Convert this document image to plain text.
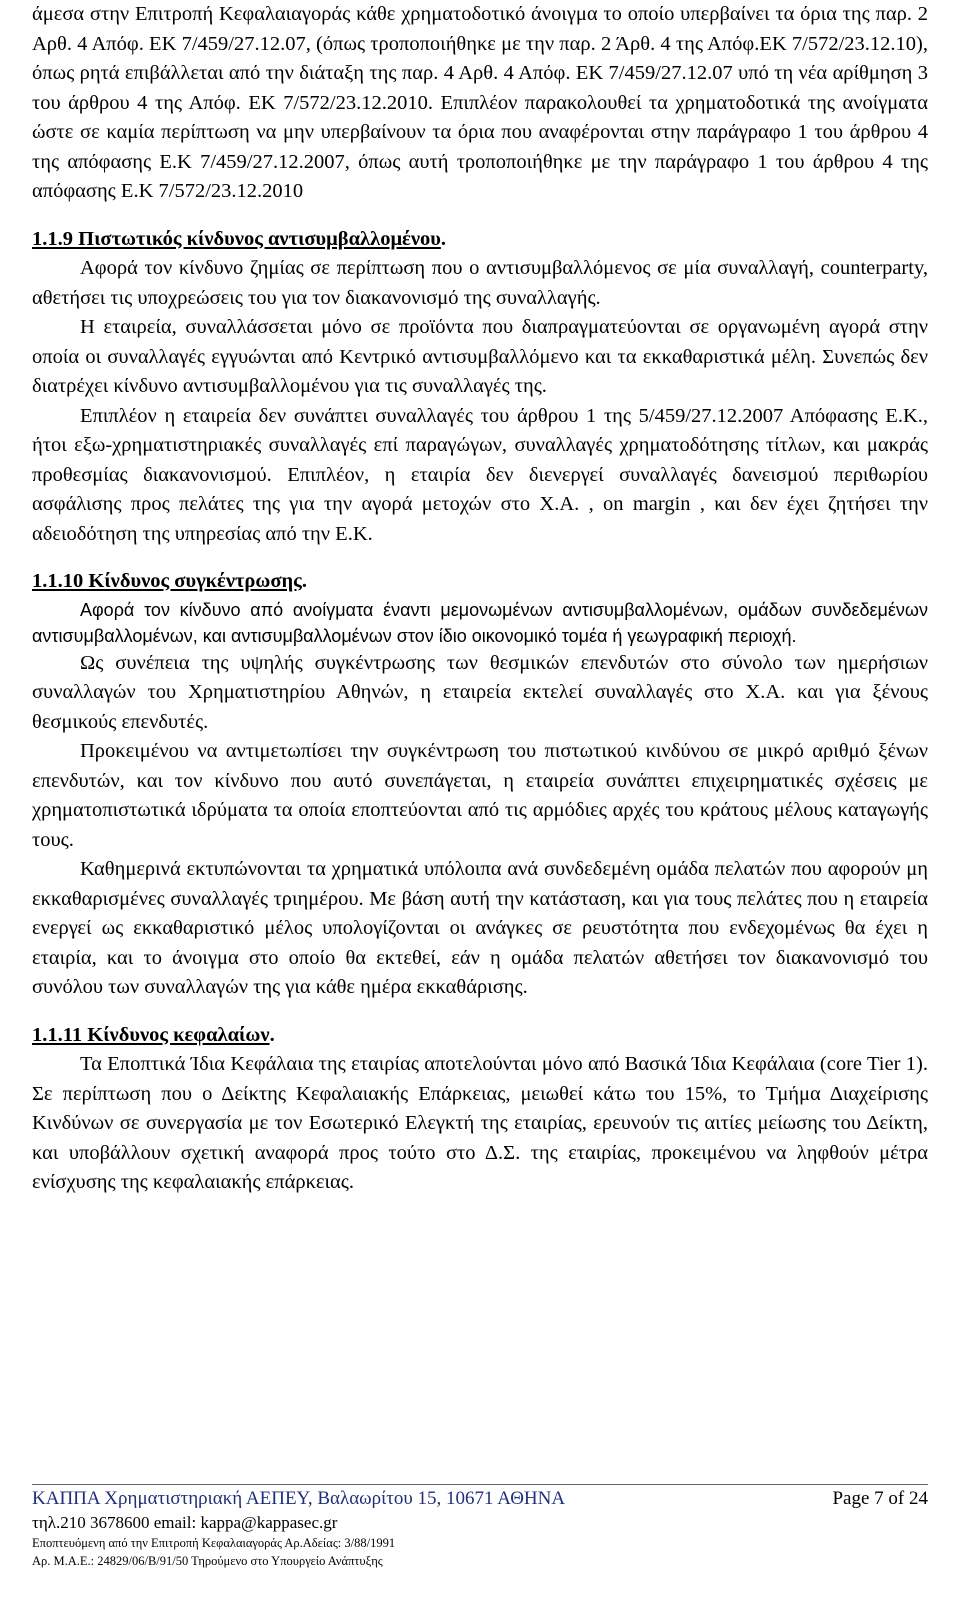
άμεσα στην Επιτροπή Κεφαλαιαγοράς κάθε χρηματοδοτικό άνοιγμα το οποίο υπερβαίνει τα όρια της παρ. 2 Αρθ. 4 Απόφ. ΕΚ 7/459/27.12.07, (όπως τροποποιήθηκε με την παρ. 2 Άρθ. 4 της Απόφ.ΕΚ 7/572/23.12.10), όπως ρητά επιβάλλεται από την διάταξη της παρ. 4 Αρθ. 4 Απόφ. ΕΚ 7/459/27.12.07 υπό τη νέα αρίθμηση 3 του άρθρου 4 της Απόφ. ΕΚ 7/572/23.12.2010. Επιπλέον παρακολουθεί τα χρηματοδοτικά της ανοίγματα ώστε σε καμία περίπτωση να μην υπερβαίνουν τα όρια που αναφέρονται στην παράγραφο 1 του άρθρου 4 της απόφασης Ε.Κ 7/459/27.12.2007, όπως αυτή τροποποιήθηκε με την παράγραφο 1 του άρθρου 4 της απόφασης Ε.Κ 7/572/23.12.2010

1.1.9 Πιστωτικός κίνδυνος αντισυμβαλλομένου.

Αφορά τον κίνδυνο ζημίας σε περίπτωση που ο αντισυμβαλλόμενος σε μία συναλλαγή, counterparty, αθετήσει τις υποχρεώσεις του για τον διακανονισμό της συναλλαγής.

Η εταιρεία, συναλλάσσεται μόνο σε προϊόντα που διαπραγματεύονται σε οργανωμένη αγορά στην οποία οι συναλλαγές εγγυώνται από Κεντρικό αντισυμβαλλόμενο και τα εκκαθαριστικά μέλη. Συνεπώς δεν διατρέχει κίνδυνο αντισυμβαλλομένου για τις συναλλαγές της.

Επιπλέον η εταιρεία δεν συνάπτει συναλλαγές του άρθρου 1 της 5/459/27.12.2007 Απόφασης Ε.Κ., ήτοι εξω-χρηματιστηριακές συναλλαγές επί παραγώγων, συναλλαγές χρηματοδότησης τίτλων, και μακράς προθεσμίας διακανονισμού. Επιπλέον, η εταιρία δεν διενεργεί συναλλαγές δανεισμού περιθωρίου ασφάλισης προς πελάτες της για την αγορά μετοχών στο Χ.Α. , on margin , και δεν έχει ζητήσει την αδειοδότηση της υπηρεσίας από την Ε.Κ.

1.1.10 Κίνδυνος συγκέντρωσης.

Αφορά τον κίνδυνο από ανοίγματα έναντι μεμονωμένων αντισυμβαλλομένων, ομάδων συνδεδεμένων αντισυμβαλλομένων, και αντισυμβαλλομένων στον ίδιο οικονομικό τομέα ή γεωγραφική περιοχή.

Ως συνέπεια της υψηλής συγκέντρωσης των θεσμικών επενδυτών στο σύνολο των ημερήσιων συναλλαγών του Χρηματιστηρίου Αθηνών, η εταιρεία εκτελεί συναλλαγές στο Χ.Α. και για ξένους θεσμικούς επενδυτές.

Προκειμένου να αντιμετωπίσει την συγκέντρωση του πιστωτικού κινδύνου σε μικρό αριθμό ξένων επενδυτών, και τον κίνδυνο που αυτό συνεπάγεται, η εταιρεία συνάπτει επιχειρηματικές σχέσεις με χρηματοπιστωτικά ιδρύματα τα οποία εποπτεύονται από τις αρμόδιες αρχές του κράτους μέλους καταγωγής τους.

Καθημερινά εκτυπώνονται τα χρηματικά υπόλοιπα ανά συνδεδεμένη ομάδα πελατών που αφορούν μη εκκαθαρισμένες συναλλαγές τριημέρου. Με βάση αυτή την κατάσταση, και για τους πελάτες που η εταιρεία ενεργεί ως εκκαθαριστικό μέλος υπολογίζονται οι ανάγκες σε ρευστότητα που ενδεχομένως θα έχει η εταιρία, και το άνοιγμα στο οποίο θα εκτεθεί, εάν η ομάδα πελατών αθετήσει τον διακανονισμό του συνόλου των συναλλαγών της για κάθε ημέρα εκκαθάρισης.

1.1.11 Κίνδυνος κεφαλαίων.

Τα Εποπτικά Ίδια Κεφάλαια της εταιρίας αποτελούνται μόνο από Βασικά Ίδια Κεφάλαια (core Tier 1). Σε περίπτωση που ο Δείκτης Κεφαλαιακής Επάρκειας, μειωθεί κάτω του 15%, το Τμήμα Διαχείρισης Κινδύνων σε συνεργασία με τον Εσωτερικό Ελεγκτή της εταιρίας, ερευνούν τις αιτίες μείωσης του Δείκτη, και υποβάλλουν σχετική αναφορά προς τούτο στο Δ.Σ. της εταιρίας, προκειμένου να ληφθούν μέτρα ενίσχυσης της κεφαλαιακής επάρκειας.

ΚΑΠΠΑ Χρηματιστηριακή ΑΕΠΕΥ, Βαλαωρίτου 15, 10671 ΑΘΗΝΑ	Page 7 of 24
τηλ.210 3678600 email: kappa@kappasec.gr
Εποπτευόμενη από την Επιτροπή Κεφαλαιαγοράς Αρ.Αδείας: 3/88/1991
Αρ. Μ.Α.Ε.: 24829/06/Β/91/50 Τηρούμενο στο Υπουργείο Ανάπτυξης
